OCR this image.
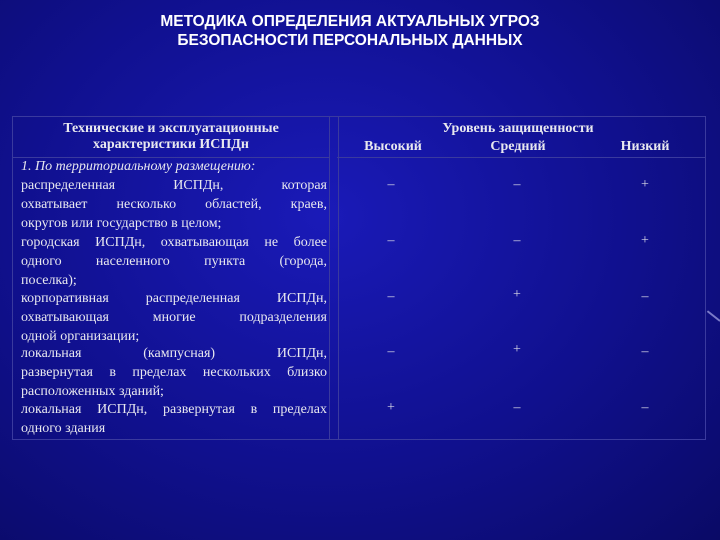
МЕТОДИКА ОПРЕДЕЛЕНИЯ АКТУАЛЬНЫХ УГРОЗ
БЕЗОПАСНОСТИ ПЕРСОНАЛЬНЫХ ДАННЫХ
Технические и эксплуатационные
характеристики ИСПДн
Уровень защищенности
Высокий	Средний	Низкий
1. По территориальному размещению:
распределенная ИСПДн, которая
охватывает несколько областей, краев,
округов или государство в целом;
–	–	+
городская ИСПДн, охватывающая не более
одного населенного пункта (города,
поселка);
–	–	+
корпоративная распределенная ИСПДн,
охватывающая многие подразделения
одной организации;
–	+	–
локальная (кампусная) ИСПДн,
развернутая в пределах нескольких близко
расположенных зданий;
–	+	–
локальная ИСПДн, развернутая в пределах
одного здания
+	–	–
